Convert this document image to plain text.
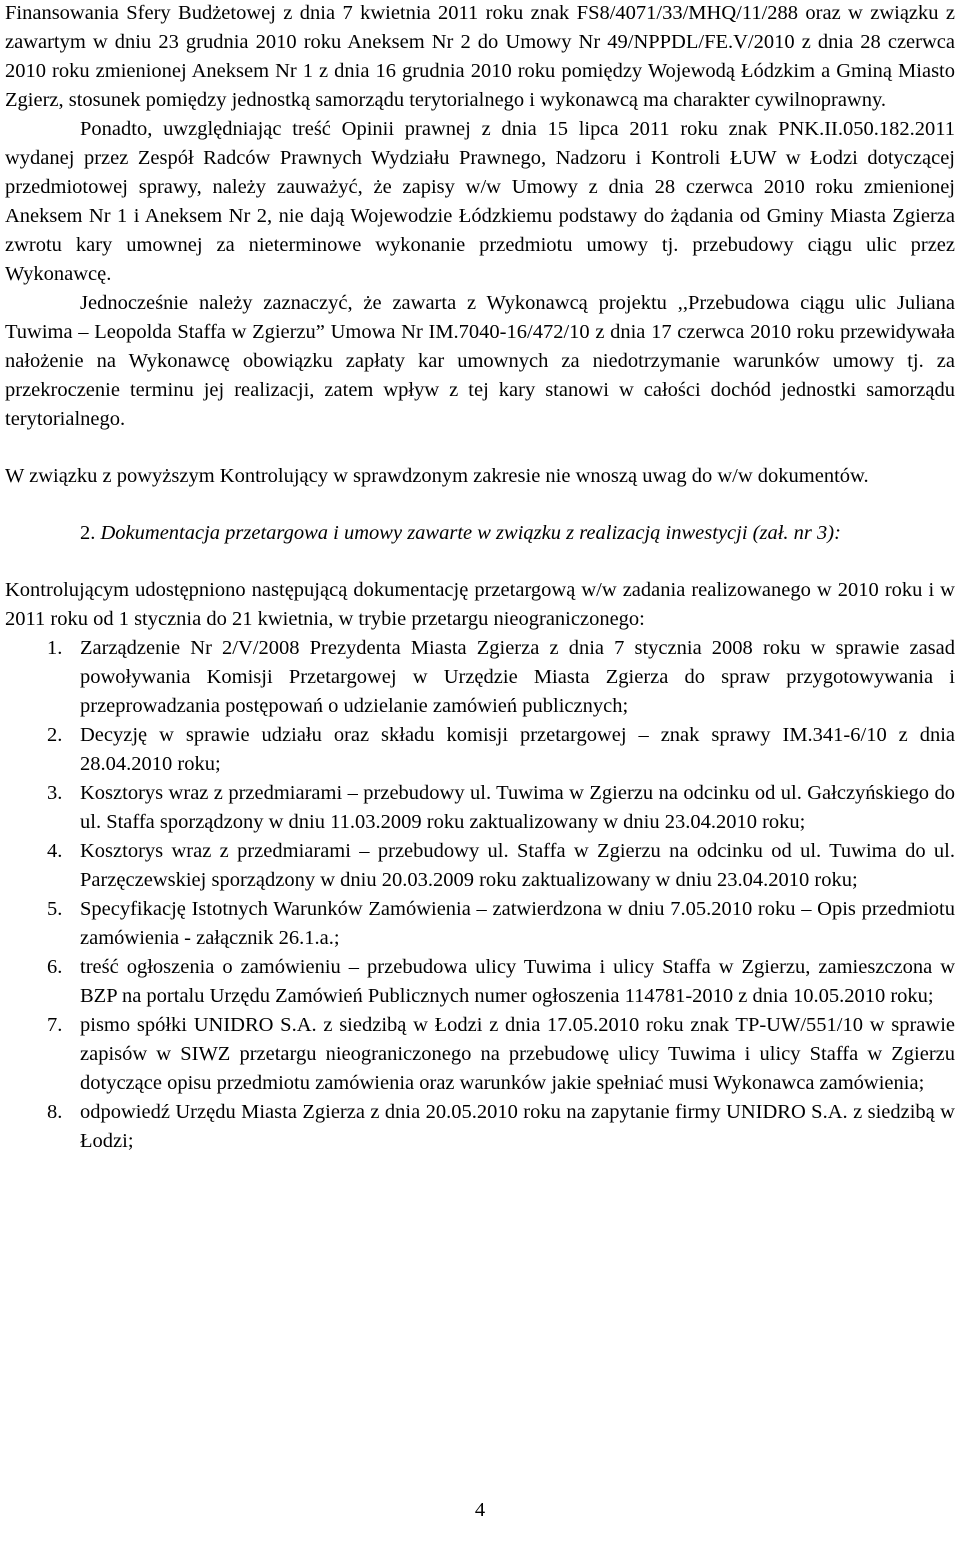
Finansowania Sfery Budżetowej z dnia 7 kwietnia 2011 roku znak FS8/4071/33/MHQ/11/288 oraz w związku z zawartym w dniu 23 grudnia 2010 roku Aneksem Nr 2 do Umowy Nr 49/NPPDL/FE.V/2010 z dnia 28 czerwca 2010 roku zmienionej Aneksem Nr 1 z dnia 16 grudnia 2010 roku pomiędzy Wojewodą Łódzkim a Gminą Miasto Zgierz, stosunek pomiędzy jednostką samorządu terytorialnego i wykonawcą ma charakter cywilnoprawny.

Ponadto, uwzględniając treść Opinii prawnej z dnia 15 lipca 2011 roku znak PNK.II.050.182.2011 wydanej przez Zespół Radców Prawnych Wydziału Prawnego, Nadzoru i Kontroli ŁUW w Łodzi dotyczącej przedmiotowej sprawy, należy zauważyć, że zapisy w/w Umowy z dnia 28 czerwca 2010 roku zmienionej Aneksem Nr 1 i Aneksem Nr 2, nie dają Wojewodzie Łódzkiemu podstawy do żądania od Gminy Miasta Zgierza zwrotu kary umownej za nieterminowe wykonanie przedmiotu umowy tj. przebudowy ciągu ulic przez Wykonawcę.

Jednocześnie należy zaznaczyć, że zawarta z Wykonawcą projektu ,,Przebudowa ciągu ulic Juliana Tuwima – Leopolda Staffa w Zgierzu” Umowa Nr IM.7040-16/472/10 z dnia 17 czerwca 2010 roku przewidywała nałożenie na Wykonawcę obowiązku zapłaty kar umownych za niedotrzymanie warunków umowy tj. za przekroczenie terminu jej realizacji, zatem wpływ z tej kary stanowi w całości dochód jednostki samorządu terytorialnego.

W związku z powyższym Kontrolujący w sprawdzonym zakresie nie wnoszą uwag do w/w dokumentów.

2. Dokumentacja przetargowa i umowy zawarte w związku z realizacją inwestycji (zał. nr 3):

Kontrolującym udostępniono następującą dokumentację przetargową w/w zadania realizowanego w 2010 roku i w 2011 roku od 1 stycznia do 21 kwietnia, w trybie przetargu nieograniczonego:

1. Zarządzenie Nr 2/V/2008 Prezydenta Miasta Zgierza z dnia 7 stycznia 2008 roku w sprawie zasad powoływania Komisji Przetargowej w Urzędzie Miasta Zgierza do spraw przygotowywania i przeprowadzania postępowań o udzielanie zamówień publicznych;
2. Decyzję w sprawie udziału oraz składu komisji przetargowej – znak sprawy IM.341-6/10 z dnia 28.04.2010 roku;
3. Kosztorys wraz z przedmiarami – przebudowy ul. Tuwima w Zgierzu na odcinku od ul. Gałczyńskiego do ul. Staffa sporządzony w dniu 11.03.2009 roku zaktualizowany w dniu 23.04.2010 roku;
4. Kosztorys wraz z przedmiarami – przebudowy ul. Staffa w Zgierzu na odcinku od ul. Tuwima do ul. Parzęczewskiej sporządzony w dniu 20.03.2009 roku zaktualizowany w dniu 23.04.2010 roku;
5. Specyfikację Istotnych Warunków Zamówienia – zatwierdzona w dniu 7.05.2010 roku – Opis przedmiotu zamówienia - załącznik 26.1.a.;
6. treść ogłoszenia o zamówieniu – przebudowa ulicy Tuwima i ulicy Staffa w Zgierzu, zamieszczona w BZP na portalu Urzędu Zamówień Publicznych numer ogłoszenia 114781-2010 z dnia 10.05.2010 roku;
7. pismo spółki UNIDRO S.A. z siedzibą w Łodzi z dnia 17.05.2010 roku znak TP-UW/551/10 w sprawie zapisów w SIWZ przetargu nieograniczonego na przebudowę ulicy Tuwima i ulicy Staffa w Zgierzu dotyczące opisu przedmiotu zamówienia oraz warunków jakie spełniać musi Wykonawca zamówienia;
8. odpowiedź Urzędu Miasta Zgierza z dnia 20.05.2010 roku na zapytanie firmy UNIDRO S.A. z siedzibą w Łodzi;
4
